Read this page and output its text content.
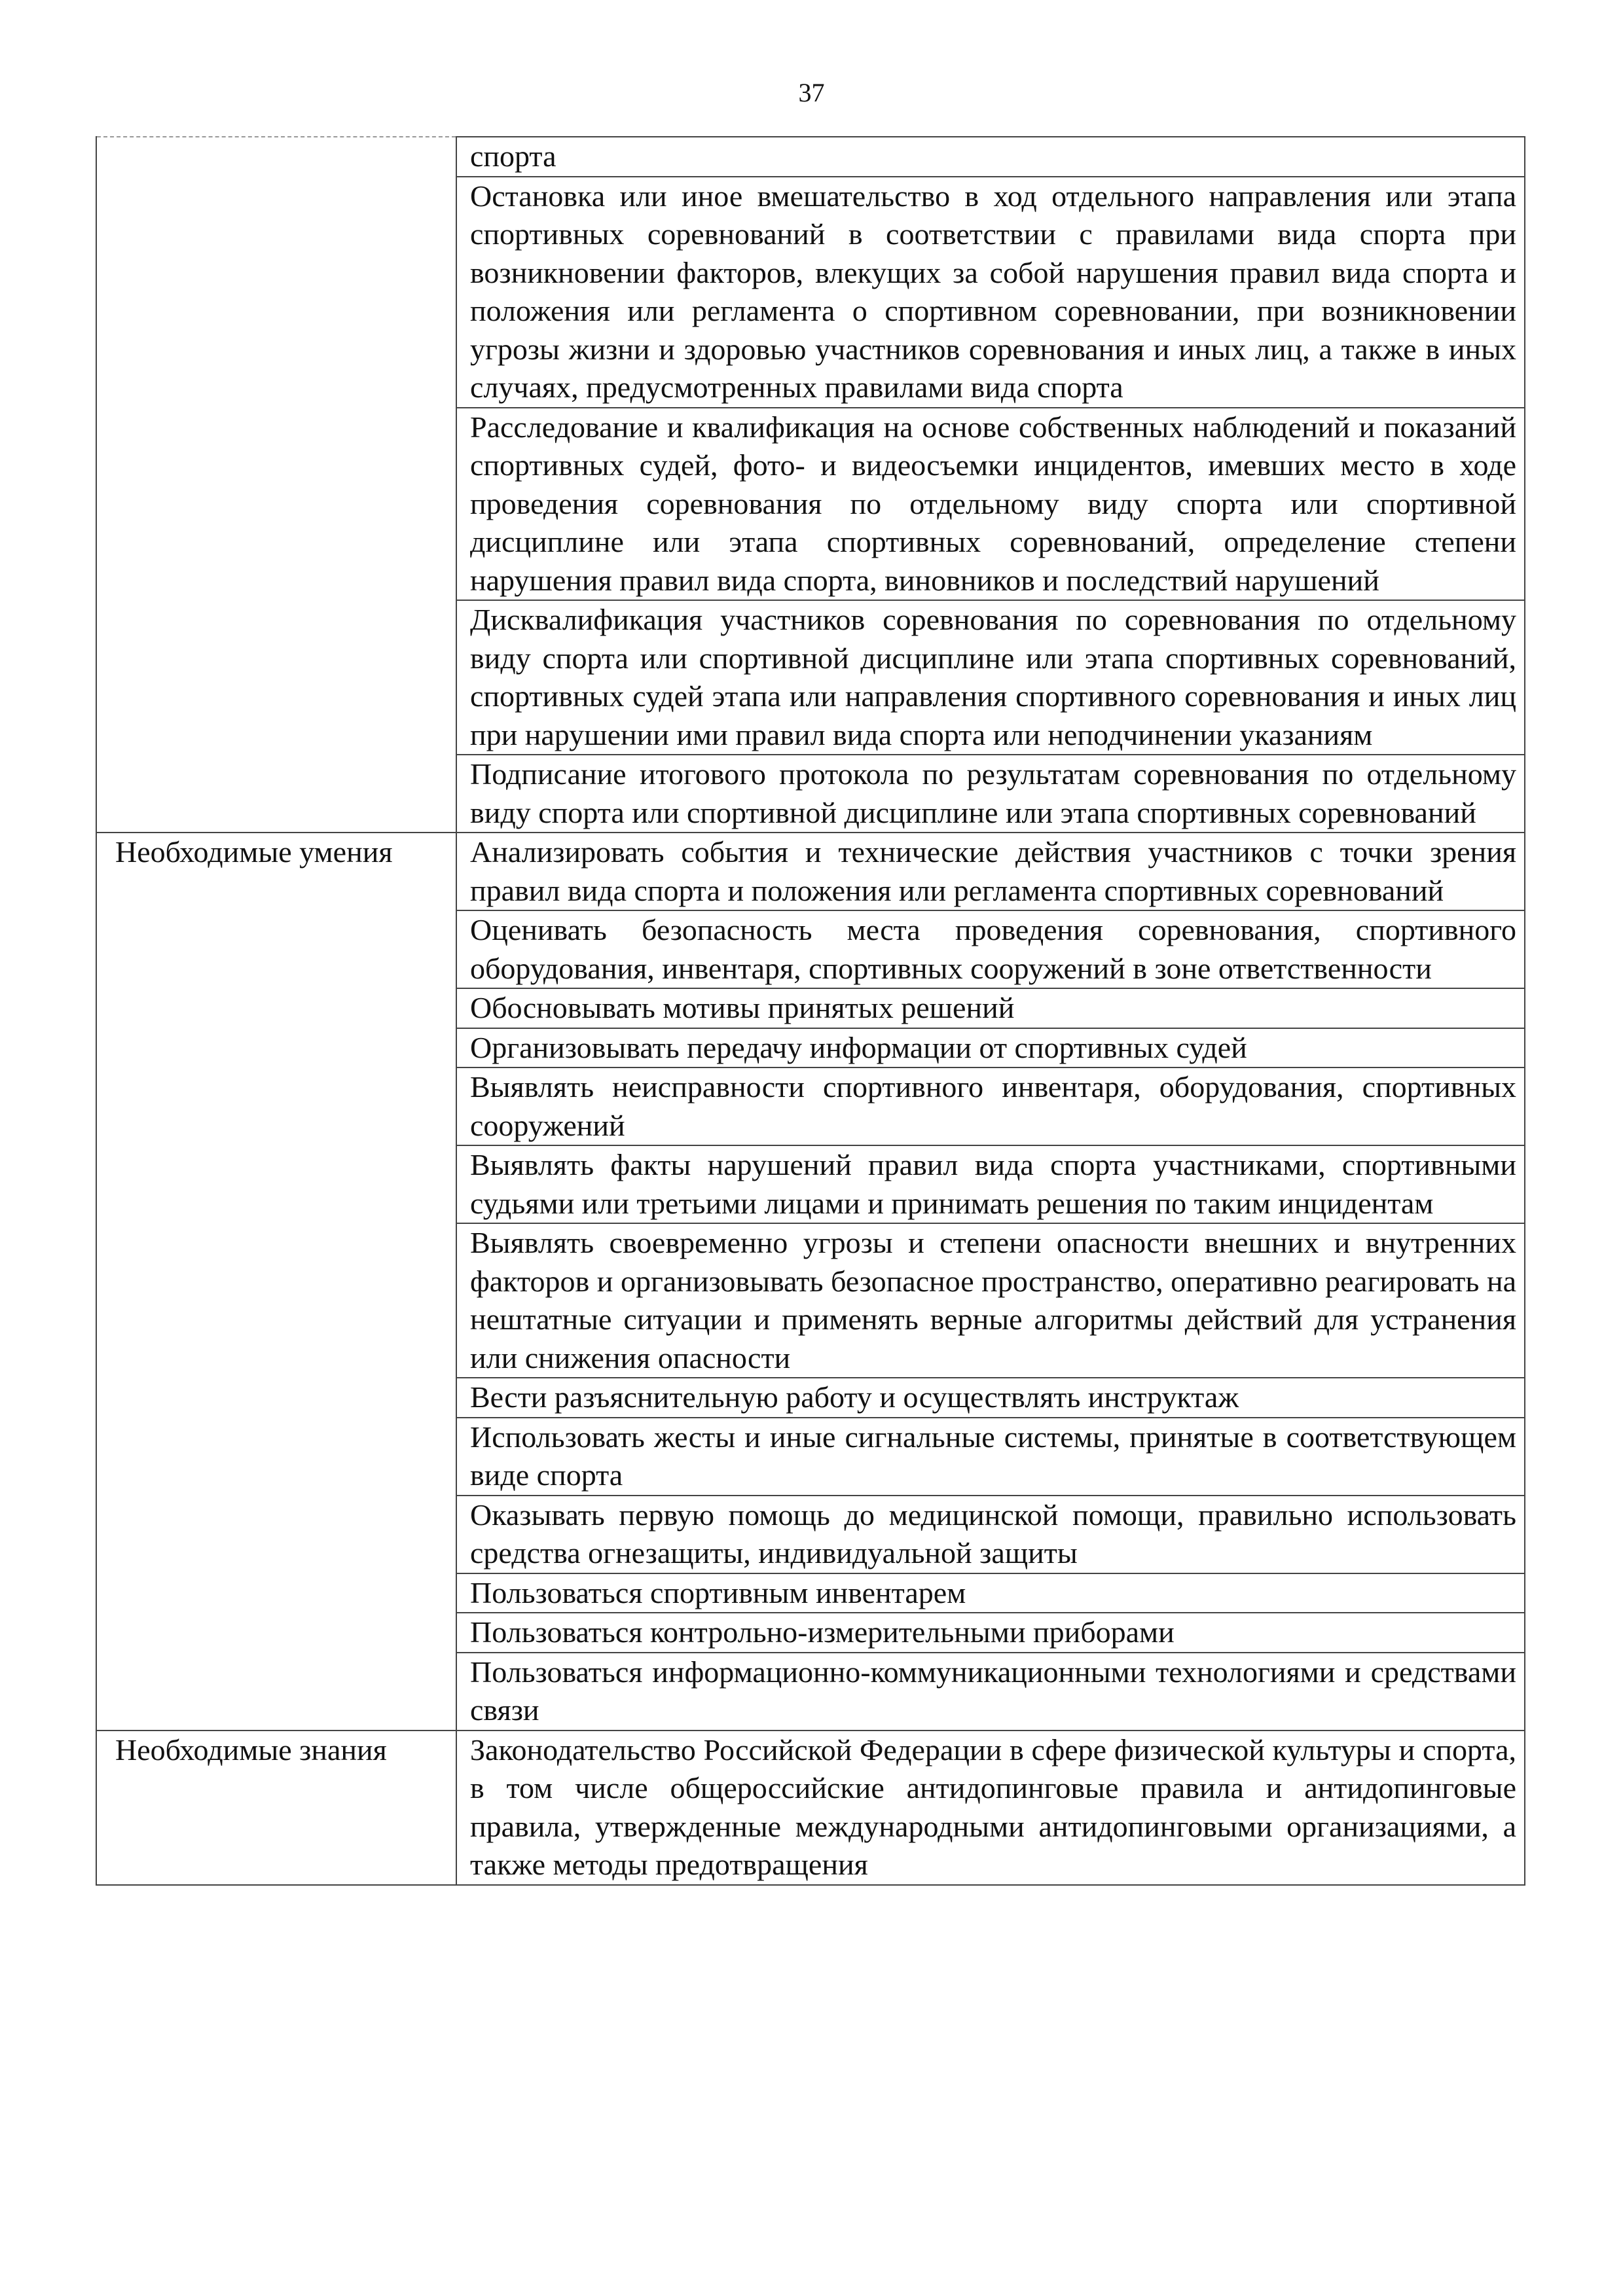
37

	спорта

	Остановка или иное вмешательство в ход отдельного направления или этапа спортивных соревнований в соответствии с правилами вида спорта при возникновении факторов, влекущих за собой нарушения правил вида спорта и положения или регламента о спортивном соревновании, при возникновении угрозы жизни и здоровью участников соревнования и иных лиц, а также в иных случаях, предусмотренных правилами вида спорта

	Расследование и квалификация на основе собственных наблюдений и показаний спортивных судей, фото- и видеосъемки инцидентов, имевших место в ходе проведения соревнования по отдельному виду спорта или спортивной дисциплине или этапа спортивных соревнований, определение степени нарушения правил вида спорта, виновников и последствий нарушений

	Дисквалификация участников соревнования по соревнования по отдельному виду спорта или спортивной дисциплине или этапа спортивных соревнований, спортивных судей этапа или направления спортивного соревнования и иных лиц при нарушении ими правил вида спорта или неподчинении указаниям

	Подписание итогового протокола по результатам соревнования по отдельному виду спорта или спортивной дисциплине или этапа спортивных соревнований

Необходимые умения	Анализировать события и технические действия участников с точки зрения правил вида спорта и положения или регламента спортивных соревнований

	Оценивать безопасность места проведения соревнования, спортивного оборудования, инвентаря, спортивных сооружений в зоне ответственности

	Обосновывать мотивы принятых решений

	Организовывать передачу информации от спортивных судей

	Выявлять неисправности спортивного инвентаря, оборудования, спортивных сооружений

	Выявлять факты нарушений правил вида спорта участниками, спортивными судьями или третьими лицами и принимать решения по таким инцидентам

	Выявлять своевременно угрозы и степени опасности внешних и внутренних факторов и организовывать безопасное пространство, оперативно реагировать на нештатные ситуации и применять верные алгоритмы действий для устранения или снижения опасности

	Вести разъяснительную работу и осуществлять инструктаж

	Использовать жесты и иные сигнальные системы, принятые в соответствующем виде спорта

	Оказывать первую помощь до медицинской помощи, правильно использовать средства огнезащиты, индивидуальной защиты

	Пользоваться спортивным инвентарем

	Пользоваться контрольно-измерительными приборами

	Пользоваться информационно-коммуникационными технологиями и средствами связи

Необходимые знания	Законодательство Российской Федерации в сфере физической культуры и спорта, в том числе общероссийские антидопинговые правила и антидопинговые правила, утвержденные международными антидопинговыми организациями, а также методы предотвращения
